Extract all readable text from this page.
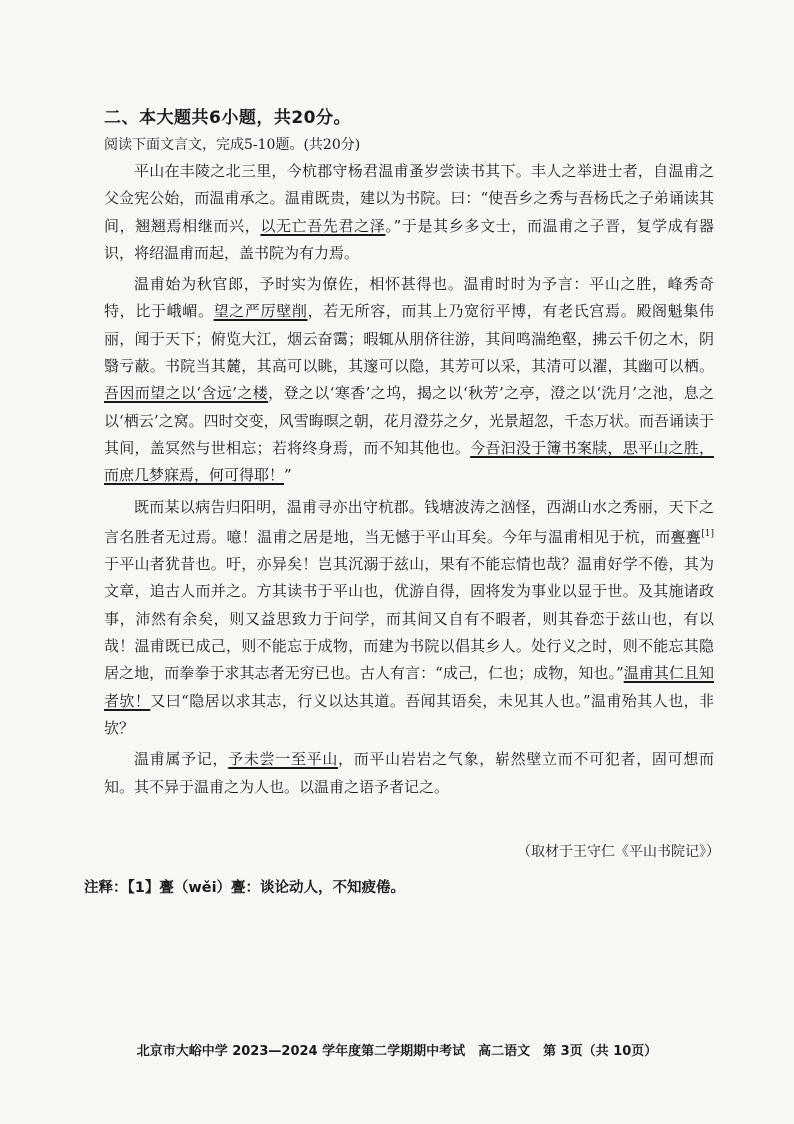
二、本大题共6小题，共20分。
阅读下面文言文，完成5-10题。(共20分)

平山在丰陵之北三里，今杭郡守杨君温甫蚤岁尝读书其下。丰人之举进士者，自温甫之父佥宪公始，而温甫承之。温甫既贵，建以为书院。曰：“使吾乡之秀与吾杨氏之子弟诵读其间，翘翘焉相继而兴，以无亡吾先君之泽。”于是其乡多文士，而温甫之子晋，复学成有器识，将绍温甫而起，盖书院为有力焉。

温甫始为秋官郎，予时实为僚佐，相怀甚得也。温甫时时为予言：平山之胜，峰秀奇特，比于峨嵋。望之严厉壁削，若无所容，而其上乃宽衍平博，有老氏宫焉。殿阁魁集伟丽，闻于天下；俯览大江，烟云奋霭；暇辄从朋侪往游，其间鸣湍绝壑，拂云千仞之木，阴翳亏蔽。书院当其麓，其高可以眺，其邃可以隐，其芳可以采，其清可以濯，其幽可以栖。吾因而望之以‘含远’之楼，登之以‘寒香’之坞，揭之以‘秋芳’之亭，澄之以‘洗月’之池，息之以‘栖云’之窝。四时交变，风雪晦暝之朝，花月澄芬之夕，光景超忽，千态万状。而吾诵读于其间，盖冥然与世相忘；若将终身焉，而不知其他也。今吾汩没于簿书案牍，思平山之胜，而庶几梦寐焉，何可得耶！”

既而某以病告归阳明，温甫寻亦出守杭郡。钱塘波涛之汹怪，西湖山水之秀丽，天下之言名胜者无过焉。噫！温甫之居是地，当无憾于平山耳矣。今年与温甫相见于杭，而亹亹[1]于平山者犹昔也。吁，亦异矣！岂其沉溺于兹山，果有不能忘情也哉？温甫好学不倦，其为文章，追古人而并之。方其读书于平山也，优游自得，固将发为事业以显于世。及其施诸政事，沛然有余矣，则又益思致力于问学，而其间又自有不暇者，则其眷恋于兹山也，有以哉！温甫既已成己，则不能忘于成物，而建为书院以倡其乡人。处行义之时，则不能忘其隐居之地，而拳拳于求其志者无穷已也。古人有言：“成己，仁也；成物，知也。”温甫其仁且知者欤！又曰“隐居以求其志，行义以达其道。吾闻其语矣，未见其人也。”温甫殆其人也，非欤？

温甫属予记，予未尝一至平山，而平山岩岩之气象，崭然壁立而不可犯者，固可想而知。其不异于温甫之为人也。以温甫之语予者记之。

（取材于王守仁《平山书院记》）
注释：【1】亹（wěi）亹：谈论动人，不知疲倦。
北京市大峪中学 2023—2024 学年度第二学期期中考试　高二语文　第 3页（共 10页）
